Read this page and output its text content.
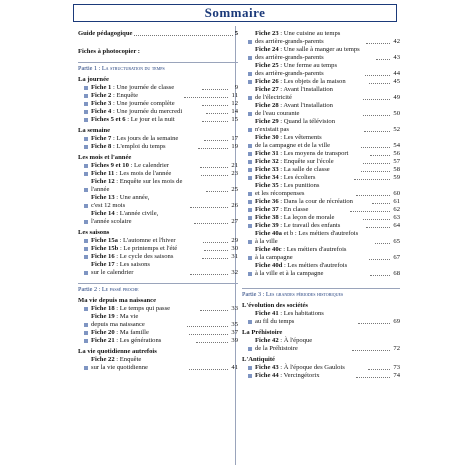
Sommaire
Guide pédagogique	5
Fiches à photocopier :
Partie 1 : La structuration du temps
La journée
Fiche 1 : Une journée de classe	9
Fiche 2 : Enquête	11
Fiche 3 : Une journée complète	12
Fiche 4 : Une journée du mercredi	14
Fiches 5 et 6 : Le jour et la nuit	15
La semaine
Fiche 7 : Les jours de la semaine	17
Fiche 8 : L'emploi du temps	19
Les mois et l'année
Fiches 9 et 10 : Le calendrier	21
Fiche 11 : Les mois de l'année	23
Fiche 12 : Enquête sur les mois de
l'année	25
Fiche 13 : Une année,
c'est 12 mois	26
Fiche 14 : L'année civile,
l'année scolaire	27
Les saisons
Fiche 15a : L'automne et l'hiver	29
Fiche 15b : Le printemps et l'été	30
Fiche 16 : Le cycle des saisons	31
Fiche 17 : Les saisons
sur le calendrier	32
Partie 2 : Le passé proche
Ma vie depuis ma naissance
Fiche 18 : Le temps qui passe	33
Fiche 19 : Ma vie
depuis ma naissance	35
Fiche 20 : Ma famille	37
Fiche 21 : Les générations	39
La vie quotidienne autrefois
Fiche 22 : Enquête
sur la vie quotidienne	41
Fiche 23 : Une cuisine au temps
des arrière-grands-parents	42
Fiche 24 : Une salle à manger au temps
des arrière-grands-parents	43
Fiche 25 : Une ferme au temps
des arrière-grands-parents	44
Fiche 26 : Les objets de la maison	45
Fiche 27 : Avant l'installation
de l'électricité	49
Fiche 28 : Avant l'installation
de l'eau courante	50
Fiche 29 : Quand la télévision
n'existait pas	52
Fiche 30 : Les vêtements
de la campagne et de la ville	54
Fiche 31 : Les moyens de transport	56
Fiche 32 : Enquête sur l'école	57
Fiche 33 : La salle de classe	58
Fiche 34 : Les écoliers	59
Fiche 35 : Les punitions
et les récompenses	60
Fiche 36 : Dans la cour de récréation	61
Fiche 37 : En classe	62
Fiche 38 : La leçon de morale	63
Fiche 39 : Le travail des enfants	64
Fiche 40a et b : Les métiers d'autrefois
à la ville	65
Fiche 40c : Les métiers d'autrefois
à la campagne	67
Fiche 40d : Les métiers d'autrefois
à la ville et à la campagne	68
Partie 3 : Les grandes périodes historiques
L'évolution des sociétés
Fiche 41 : Les habitations
au fil du temps	69
La Préhistoire
Fiche 42 : À l'époque
de la Préhistoire	72
L'Antiquité
Fiche 43 : À l'époque des Gaulois	73
Fiche 44 : Vercingétorix	74
